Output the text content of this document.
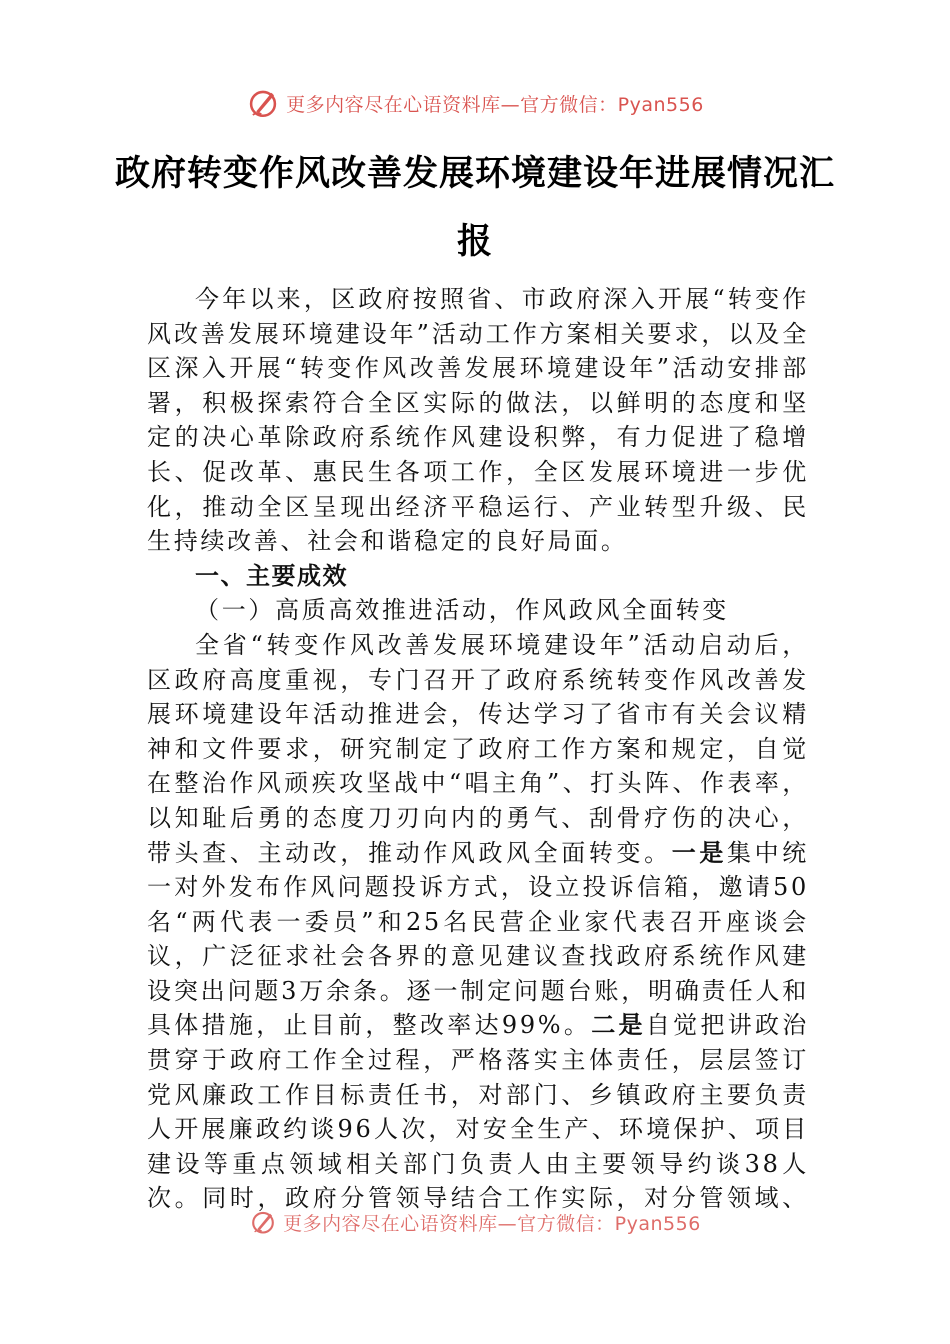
更多内容尽在心语资料库—官方微信：Pyan556
政府转变作风改善发展环境建设年进展情况汇报

今年以来，区政府按照省、市政府深入开展“转变作风改善发展环境建设年”活动工作方案相关要求，以及全区深入开展“转变作风改善发展环境建设年”活动安排部署，积极探索符合全区实际的做法，以鲜明的态度和坚定的决心革除政府系统作风建设积弊，有力促进了稳增长、促改革、惠民生各项工作，全区发展环境进一步优化，推动全区呈现出经济平稳运行、产业转型升级、民生持续改善、社会和谐稳定的良好局面。

一、主要成效
（一）高质高效推进活动，作风政风全面转变

全省“转变作风改善发展环境建设年”活动启动后，区政府高度重视，专门召开了政府系统转变作风改善发展环境建设年活动推进会，传达学习了省市有关会议精神和文件要求，研究制定了政府工作方案和规定，自觉在整治作风顽疾攻坚战中“唱主角”、打头阵、作表率，以知耻后勇的态度刀刃向内的勇气、刮骨疗伤的决心，带头查、主动改，推动作风政风全面转变。一是集中统一对外发布作风问题投诉方式，设立投诉信箱，邀请50名“两代表一委员”和25名民营企业家代表召开座谈会议，广泛征求社会各界的意见建议查找政府系统作风建设突出问题3万余条。逐一制定问题台账，明确责任人和具体措施，止目前，整改率达99%。二是自觉把讲政治贯穿于政府工作全过程，严格落实主体责任，层层签订党风廉政工作目标责任书，对部门、乡镇政府主要负责人开展廉政约谈96人次，对安全生产、环境保护、项目建设等重点领域相关部门负责人由主要领导约谈38人次。同时，政府分管领导结合工作实际，对分管领域、

更多内容尽在心语资料库—官方微信：Pyan556
